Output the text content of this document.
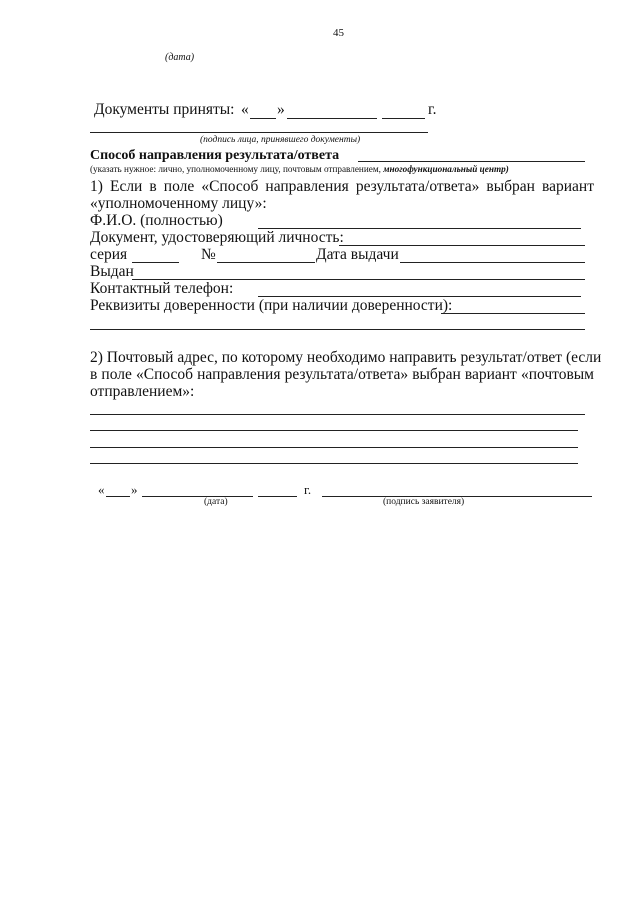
45
(дата)
Документы приняты: « »	г.
(подпись лица, принявшего документы)
Способ направления результата/ответа
(указать нужное: лично, уполномоченному лицу, почтовым отправлением, многофункциональный центр)
1) Если в поле «Способ направления результата/ответа» выбран вариант
«уполномоченному лицу»:
Ф.И.О. (полностью)
Документ, удостоверяющий личность:
серия	№	Дата выдачи
Выдан
Контактный телефон:
Реквизиты доверенности (при наличии доверенности):
2) Почтовый адрес, по которому необходимо направить результат/ответ (если
в поле «Способ направления результата/ответа» выбран вариант «почтовым
отправлением»:
« »	г.
(дата)	(подпись заявителя)
